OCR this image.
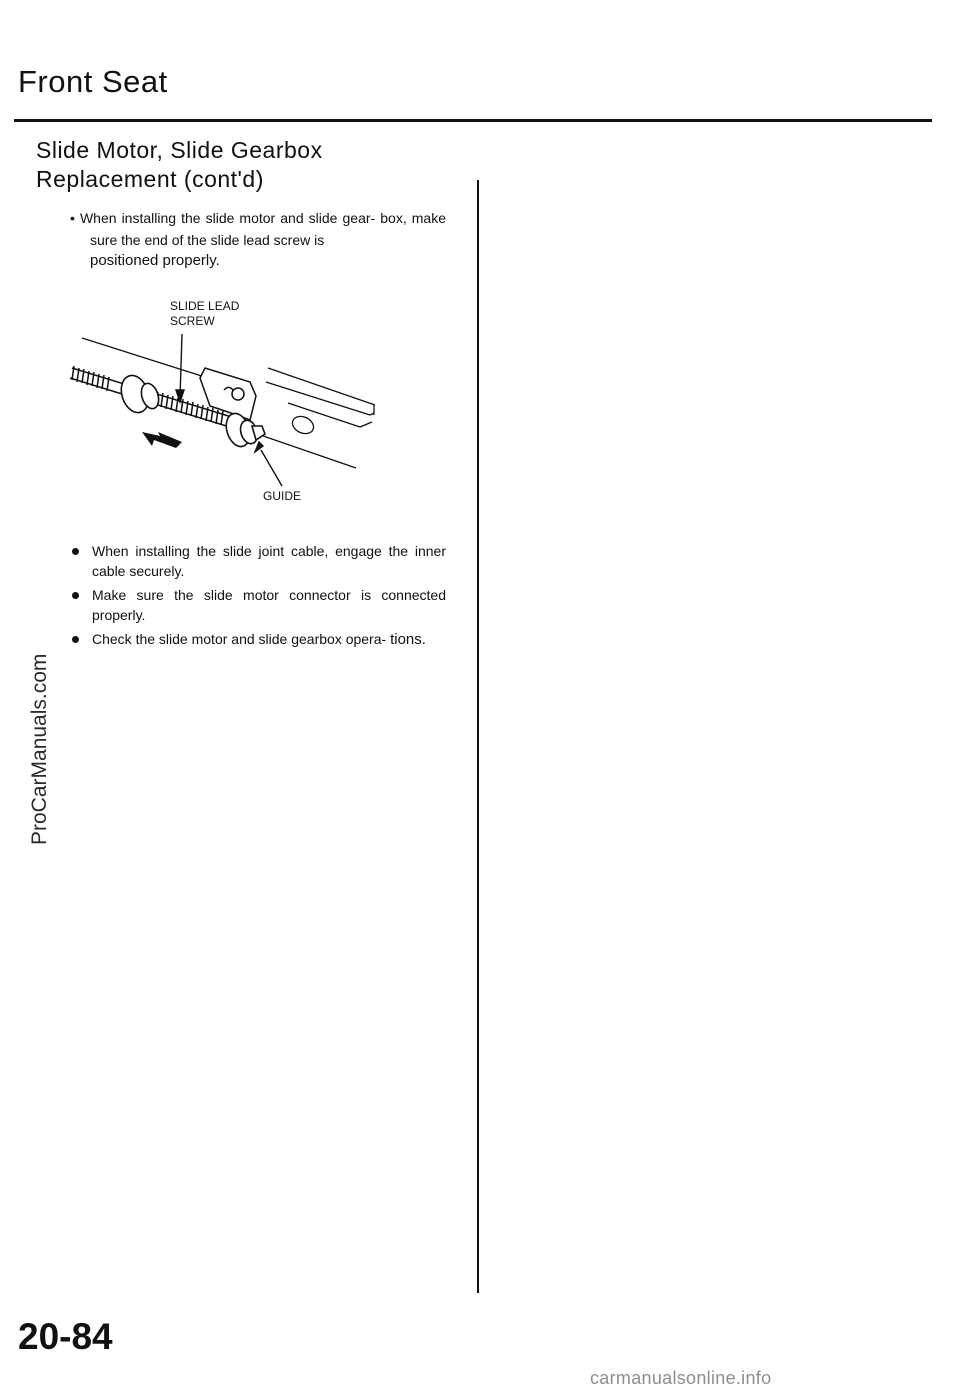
Front Seat
Slide Motor, Slide Gearbox
Replacement (cont'd)
• When installing the slide motor and slide gear- box, make sure the end of the slide lead screw is
positioned properly.
SLIDE LEAD
SCREW
GUIDE
When installing the slide joint cable, engage the inner cable securely.
Make sure the slide motor connector is connected properly.
Check the slide motor and slide gearbox opera- tions.
ProCarManuals.com
20-84
carmanualsonline.info
